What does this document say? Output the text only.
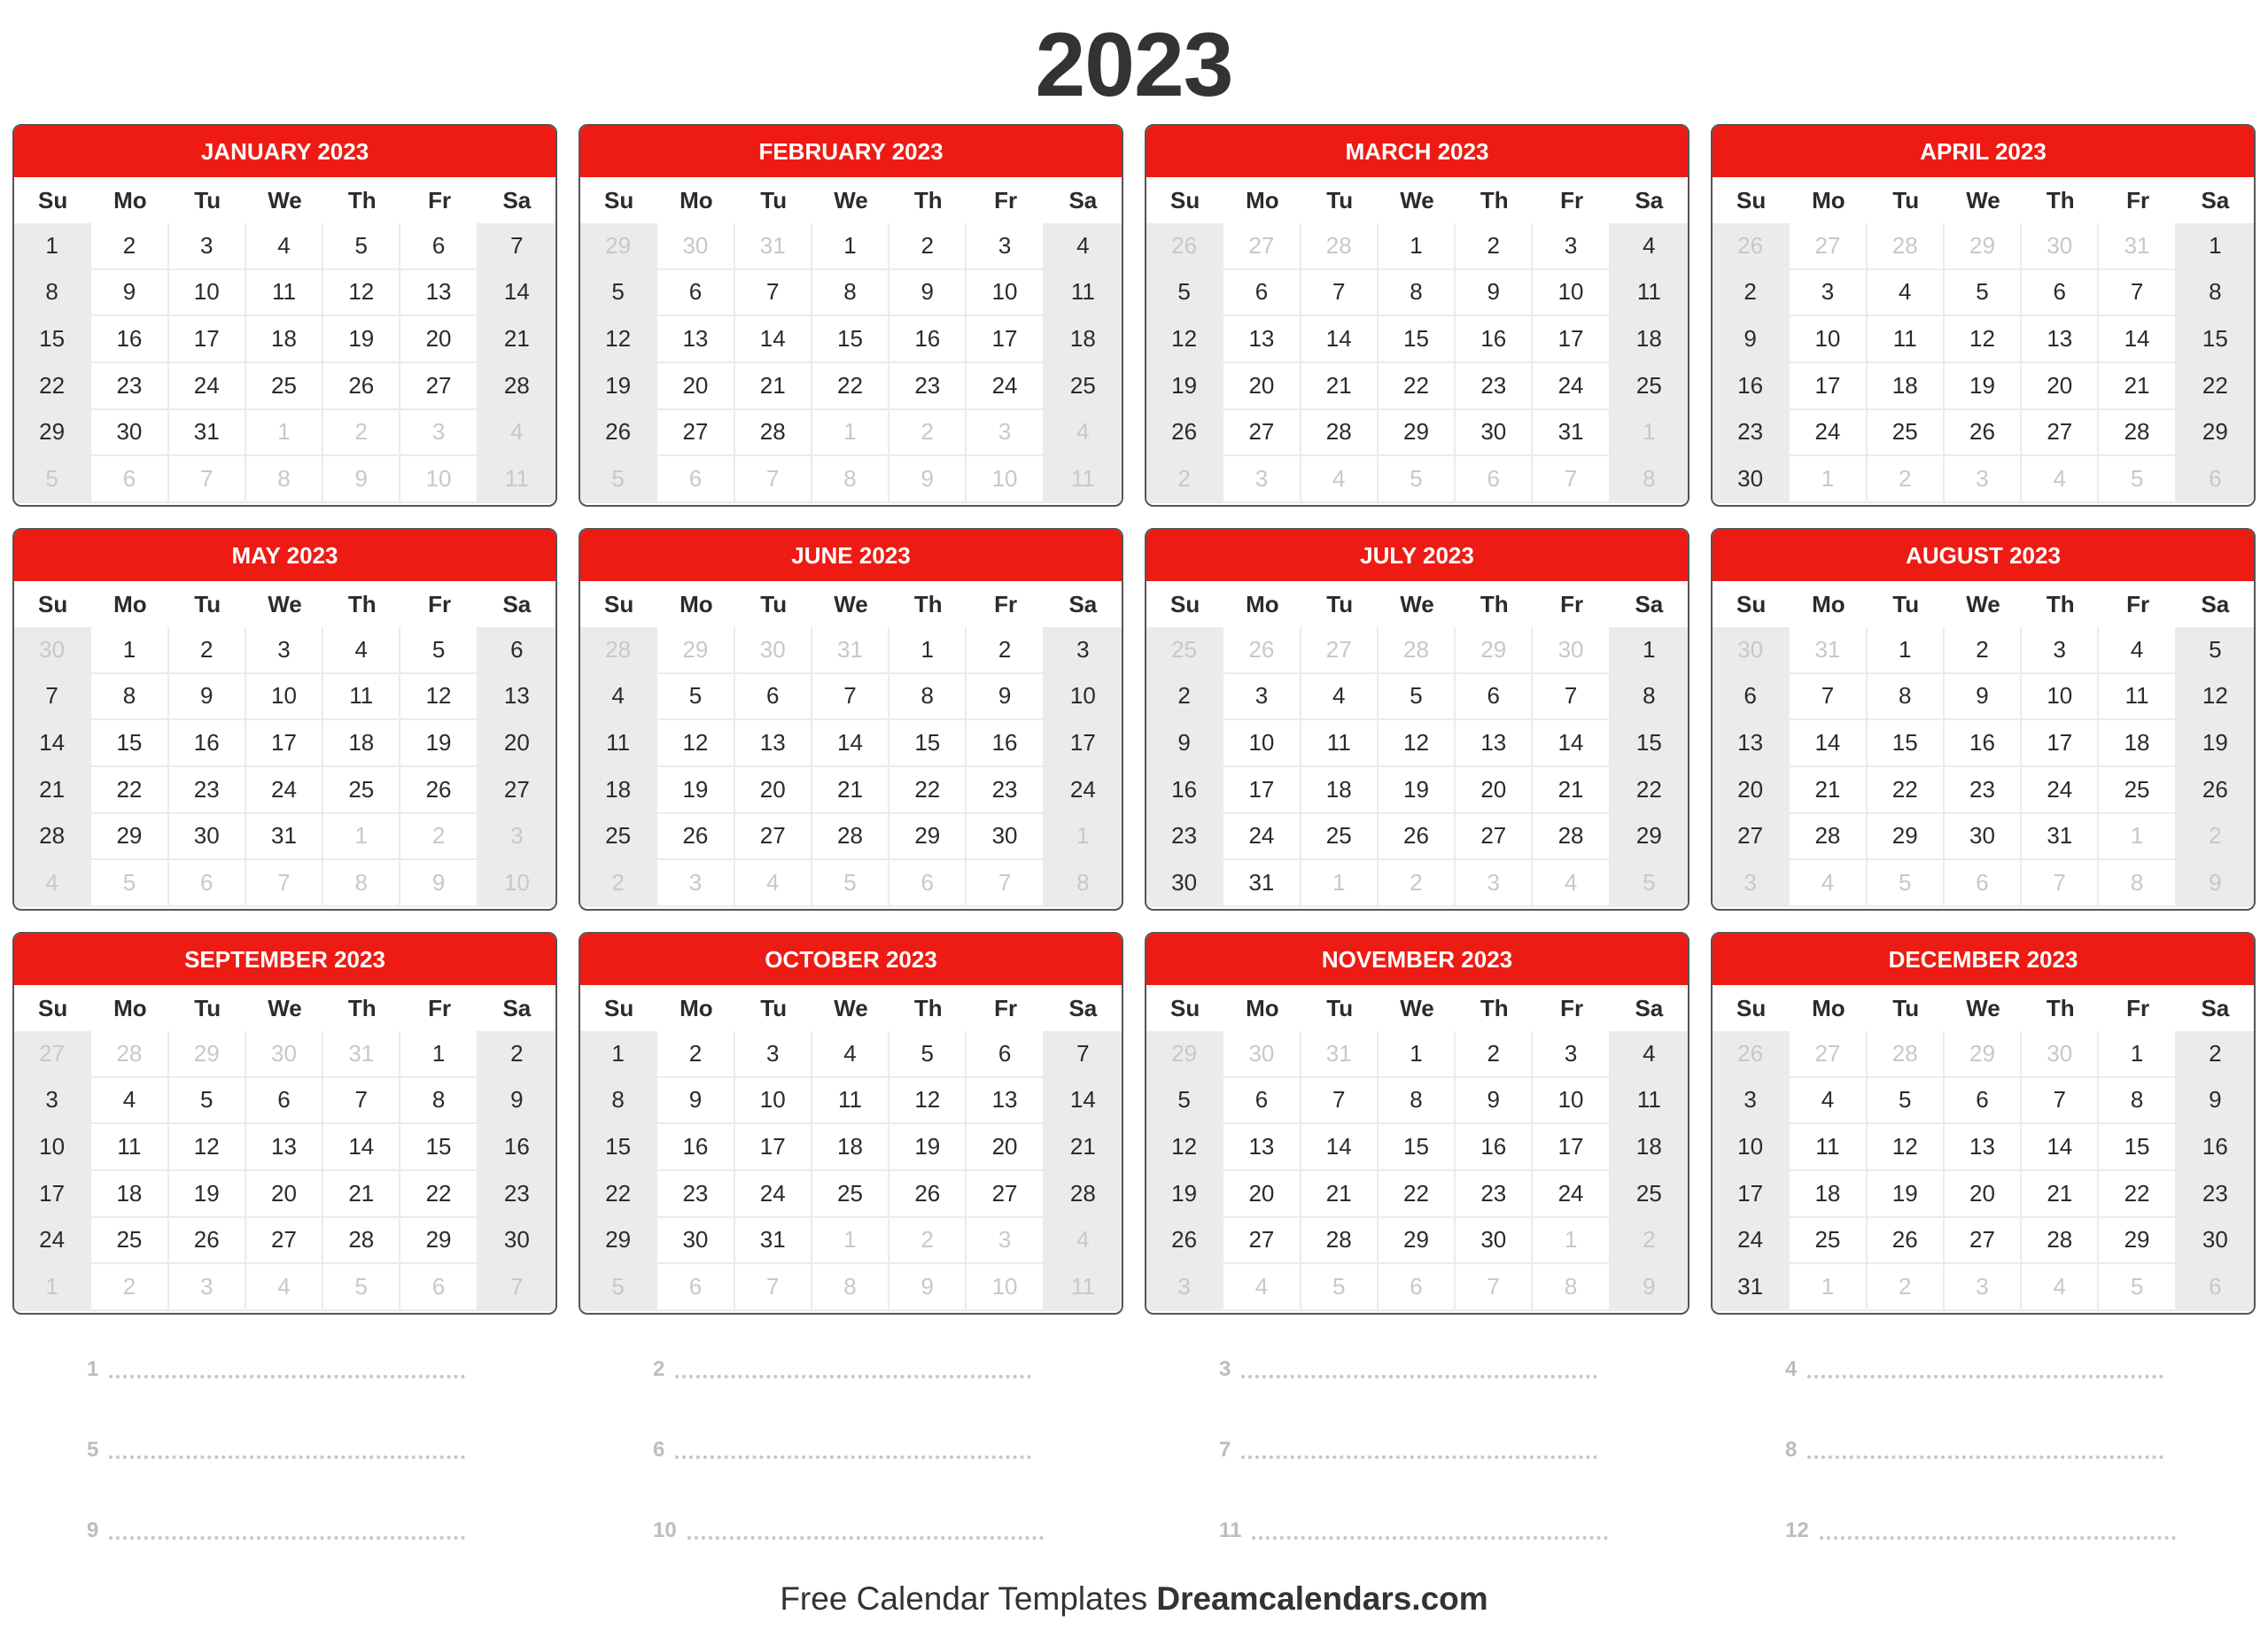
2023
JANUARY 2023
Su	Mo	Tu	We	Th	Fr	Sa
1	2	3	4	5	6	7
8	9	10	11	12	13	14
15	16	17	18	19	20	21
22	23	24	25	26	27	28
29	30	31	1	2	3	4
5	6	7	8	9	10	11
FEBRUARY 2023
Su	Mo	Tu	We	Th	Fr	Sa
29	30	31	1	2	3	4
5	6	7	8	9	10	11
12	13	14	15	16	17	18
19	20	21	22	23	24	25
26	27	28	1	2	3	4
5	6	7	8	9	10	11
MARCH 2023
Su	Mo	Tu	We	Th	Fr	Sa
26	27	28	1	2	3	4
5	6	7	8	9	10	11
12	13	14	15	16	17	18
19	20	21	22	23	24	25
26	27	28	29	30	31	1
2	3	4	5	6	7	8
APRIL 2023
Su	Mo	Tu	We	Th	Fr	Sa
26	27	28	29	30	31	1
2	3	4	5	6	7	8
9	10	11	12	13	14	15
16	17	18	19	20	21	22
23	24	25	26	27	28	29
30	1	2	3	4	5	6
MAY 2023
Su	Mo	Tu	We	Th	Fr	Sa
30	1	2	3	4	5	6
7	8	9	10	11	12	13
14	15	16	17	18	19	20
21	22	23	24	25	26	27
28	29	30	31	1	2	3
4	5	6	7	8	9	10
JUNE 2023
Su	Mo	Tu	We	Th	Fr	Sa
28	29	30	31	1	2	3
4	5	6	7	8	9	10
11	12	13	14	15	16	17
18	19	20	21	22	23	24
25	26	27	28	29	30	1
2	3	4	5	6	7	8
JULY 2023
Su	Mo	Tu	We	Th	Fr	Sa
25	26	27	28	29	30	1
2	3	4	5	6	7	8
9	10	11	12	13	14	15
16	17	18	19	20	21	22
23	24	25	26	27	28	29
30	31	1	2	3	4	5
AUGUST 2023
Su	Mo	Tu	We	Th	Fr	Sa
30	31	1	2	3	4	5
6	7	8	9	10	11	12
13	14	15	16	17	18	19
20	21	22	23	24	25	26
27	28	29	30	31	1	2
3	4	5	6	7	8	9
SEPTEMBER 2023
Su	Mo	Tu	We	Th	Fr	Sa
27	28	29	30	31	1	2
3	4	5	6	7	8	9
10	11	12	13	14	15	16
17	18	19	20	21	22	23
24	25	26	27	28	29	30
1	2	3	4	5	6	7
OCTOBER 2023
Su	Mo	Tu	We	Th	Fr	Sa
1	2	3	4	5	6	7
8	9	10	11	12	13	14
15	16	17	18	19	20	21
22	23	24	25	26	27	28
29	30	31	1	2	3	4
5	6	7	8	9	10	11
NOVEMBER 2023
Su	Mo	Tu	We	Th	Fr	Sa
29	30	31	1	2	3	4
5	6	7	8	9	10	11
12	13	14	15	16	17	18
19	20	21	22	23	24	25
26	27	28	29	30	1	2
3	4	5	6	7	8	9
DECEMBER 2023
Su	Mo	Tu	We	Th	Fr	Sa
26	27	28	29	30	1	2
3	4	5	6	7	8	9
10	11	12	13	14	15	16
17	18	19	20	21	22	23
24	25	26	27	28	29	30
31	1	2	3	4	5	6
1	2	3	4
5	6	7	8
9	10	11	12
Free Calendar Templates Dreamcalendars.com
